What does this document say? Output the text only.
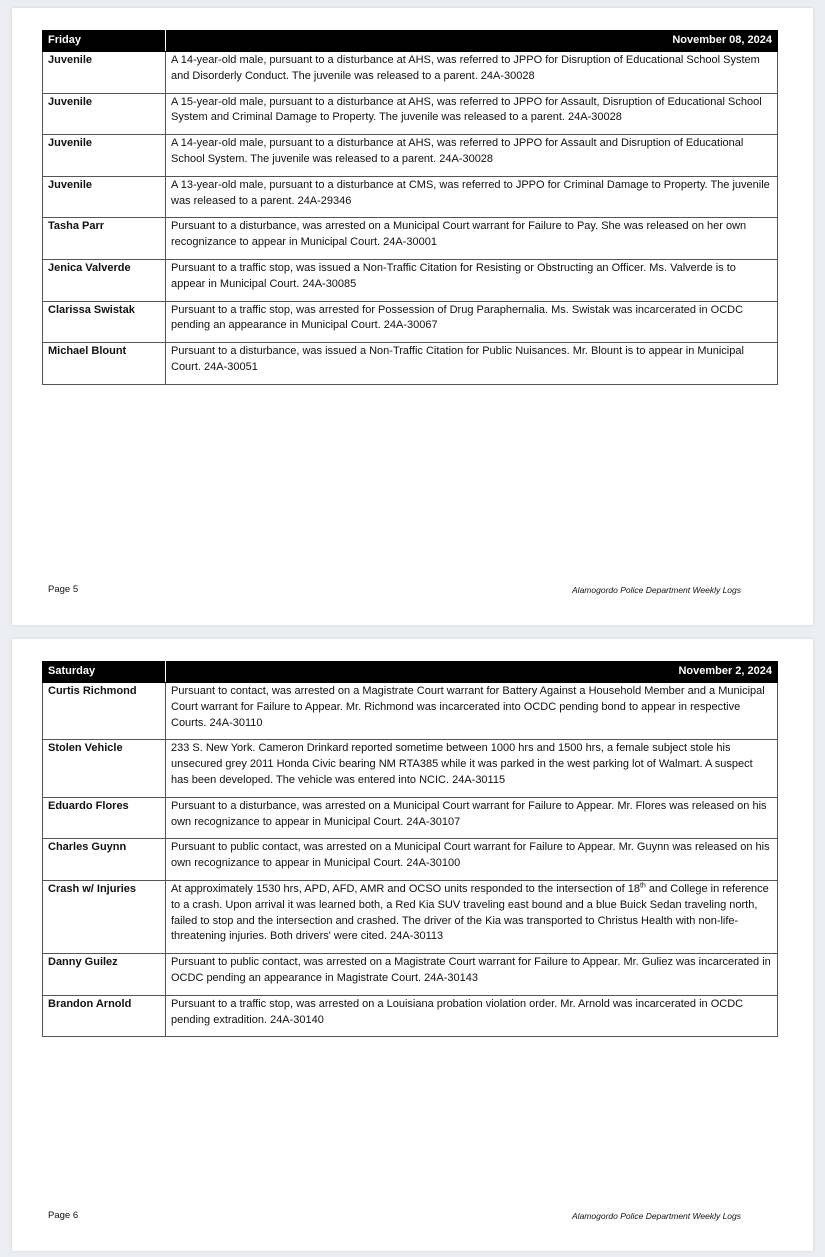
Friday	November 08, 2024
Juvenile	A 14-year-old male, pursuant to a disturbance at AHS, was referred to JPPO for Disruption of Educational School System and Disorderly Conduct. The juvenile was released to a parent. 24A-30028
Juvenile	A 15-year-old male, pursuant to a disturbance at AHS, was referred to JPPO for Assault, Disruption of Educational School System and Criminal Damage to Property. The juvenile was released to a parent. 24A-30028
Juvenile	A 14-year-old male, pursuant to a disturbance at AHS, was referred to JPPO for Assault and Disruption of Educational School System. The juvenile was released to a parent. 24A-30028
Juvenile	A 13-year-old male, pursuant to a disturbance at CMS, was referred to JPPO for Criminal Damage to Property. The juvenile was released to a parent. 24A-29346
Tasha Parr	Pursuant to a disturbance, was arrested on a Municipal Court warrant for Failure to Pay. She was released on her own recognizance to appear in Municipal Court. 24A-30001
Jenica Valverde	Pursuant to a traffic stop, was issued a Non-Traffic Citation for Resisting or Obstructing an Officer. Ms. Valverde is to appear in Municipal Court. 24A-30085
Clarissa Swistak	Pursuant to a traffic stop, was arrested for Possession of Drug Paraphernalia. Ms. Swistak was incarcerated in OCDC pending an appearance in Municipal Court. 24A-30067
Michael Blount	Pursuant to a disturbance, was issued a Non-Traffic Citation for Public Nuisances. Mr. Blount is to appear in Municipal Court. 24A-30051
Page 5	Alamogordo Police Department Weekly Logs
Saturday	November 2, 2024
Curtis Richmond	Pursuant to contact, was arrested on a Magistrate Court warrant for Battery Against a Household Member and a Municipal Court warrant for Failure to Appear. Mr. Richmond was incarcerated into OCDC pending bond to appear in respective Courts. 24A-30110
Stolen Vehicle	233 S. New York. Cameron Drinkard reported sometime between 1000 hrs and 1500 hrs, a female subject stole his unsecured grey 2011 Honda Civic bearing NM RTA385 while it was parked in the west parking lot of Walmart. A suspect has been developed. The vehicle was entered into NCIC. 24A-30115
Eduardo Flores	Pursuant to a disturbance, was arrested on a Municipal Court warrant for Failure to Appear. Mr. Flores was released on his own recognizance to appear in Municipal Court. 24A-30107
Charles Guynn	Pursuant to public contact, was arrested on a Municipal Court warrant for Failure to Appear. Mr. Guynn was released on his own recognizance to appear in Municipal Court. 24A-30100
Crash w/ Injuries	At approximately 1530 hrs, APD, AFD, AMR and OCSO units responded to the intersection of 18th and College in reference to a crash. Upon arrival it was learned both, a Red Kia SUV traveling east bound and a blue Buick Sedan traveling north, failed to stop and the intersection and crashed. The driver of the Kia was transported to Christus Health with non-life-threatening injuries. Both drivers' were cited. 24A-30113
Danny Guilez	Pursuant to public contact, was arrested on a Magistrate Court warrant for Failure to Appear. Mr. Guliez was incarcerated in OCDC pending an appearance in Magistrate Court. 24A-30143
Brandon Arnold	Pursuant to a traffic stop, was arrested on a Louisiana probation violation order. Mr. Arnold was incarcerated in OCDC pending extradition. 24A-30140
Page 6	Alamogordo Police Department Weekly Logs
